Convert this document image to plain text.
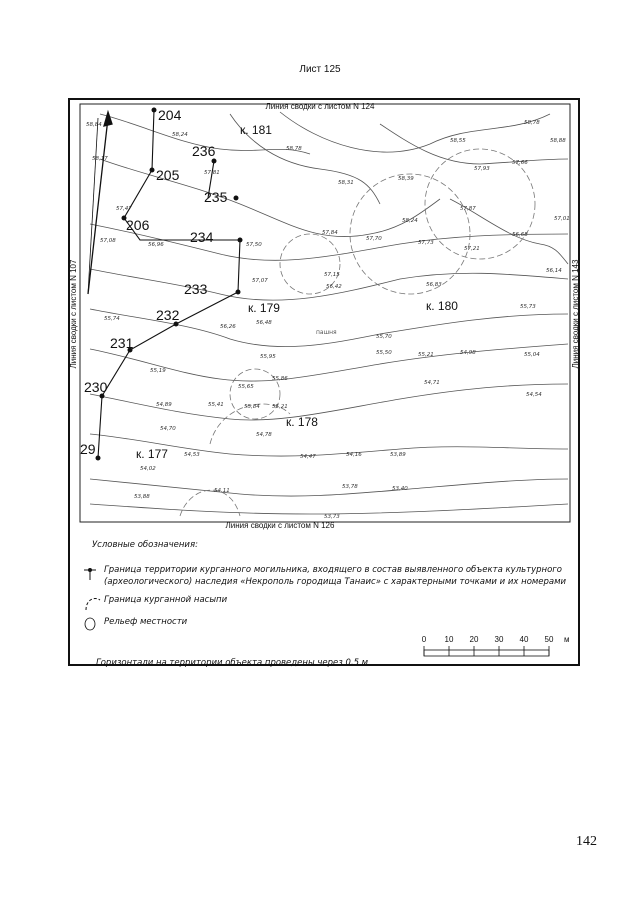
Лист 125
204
205
206
234
233
232
231
230
29
235
236
к. 181
к. 179	к. 180
к. 178
к. 177
пашня
58,84
58,24
58,17
58,78
57,81
58,31
58,55
58,39
58,78
57,93
57,66
58,88
57,47	57,87
58,24
57,08
56,96
57,84
57,70
57,73
57,01
56,68
57,21
57,50
57,15
56,83
56,14
57,07
56,42
55,73
55,74
56,48
56,26
55,70
55,50	55,21	54,98	55,04
55,95
55,19
55,65
55,86
54,71
54,54
54,89	55,41	55,84 55,21
54,70
54,78
54,47	54,16	53,89
54,53
54,02
53,78	53,40
54,11
53,88
53,73
Линия сводки с листом N 124
Линия сводки с листом N 126
Линия сводки с листом N 107	Линия сводки с листом N 143
Условные обозначения:
Граница территории курганного могильника, входящего в состав выявленного объекта культурного (археологического) наследия «Некрополь городища Танаис» с характерными точками и их номерами
Граница курганной насыпи
Рельеф местности
0 10 20 30 40 50 м
Горизонтали на территории объекта проведены через 0,5 м
142
